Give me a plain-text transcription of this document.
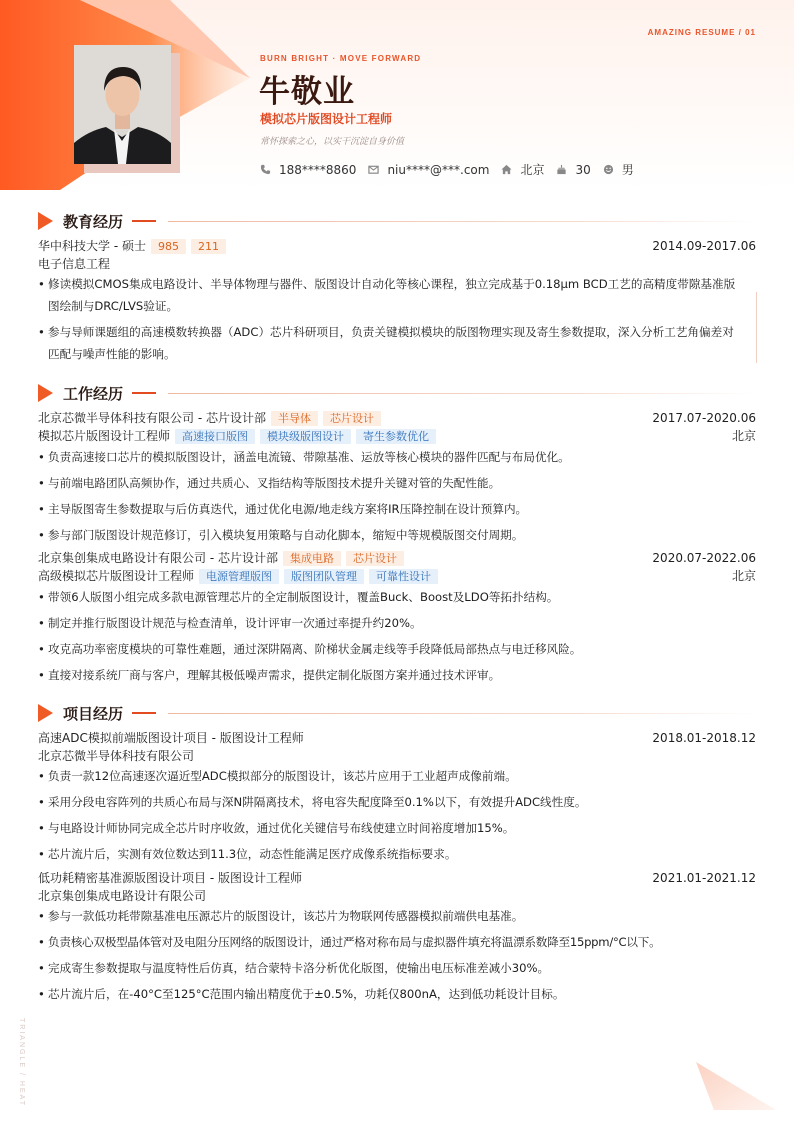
AMAZING RESUME / 01
BURN BRIGHT · MOVE FORWARD
牛敬业
模拟芯片版图设计工程师
常怀探索之心，以实干沉淀自身价值
188****8860	niu****@***.com	北京	30	男
教育经历
华中科技大学 - 硕士	985	211	2014.09-2017.06
电子信息工程
• 修读模拟CMOS集成电路设计、半导体物理与器件、版图设计自动化等核心课程，独立完成基于0.18μm BCD工艺的高精度带隙基准版
图绘制与DRC/LVS验证。
• 参与导师课题组的高速模数转换器（ADC）芯片科研项目，负责关键模拟模块的版图物理实现及寄生参数提取，深入分析工艺角偏差对
匹配与噪声性能的影响。
工作经历
北京芯微半导体科技有限公司 - 芯片设计部	半导体	芯片设计	2017.07-2020.06
模拟芯片版图设计工程师	高速接口版图	模块级版图设计	寄生参数优化	北京
• 负责高速接口芯片的模拟版图设计，涵盖电流镜、带隙基准、运放等核心模块的器件匹配与布局优化。
• 与前端电路团队高频协作，通过共质心、叉指结构等版图技术提升关键对管的失配性能。
• 主导版图寄生参数提取与后仿真迭代，通过优化电源/地走线方案将IR压降控制在设计预算内。
• 参与部门版图设计规范修订，引入模块复用策略与自动化脚本，缩短中等规模版图交付周期。
北京集创集成电路设计有限公司 - 芯片设计部	集成电路	芯片设计	2020.07-2022.06
高级模拟芯片版图设计工程师	电源管理版图	版图团队管理	可靠性设计	北京
• 带领6人版图小组完成多款电源管理芯片的全定制版图设计，覆盖Buck、Boost及LDO等拓扑结构。
• 制定并推行版图设计规范与检查清单，设计评审一次通过率提升约20%。
• 攻克高功率密度模块的可靠性难题，通过深阱隔离、阶梯状金属走线等手段降低局部热点与电迁移风险。
• 直接对接系统厂商与客户，理解其极低噪声需求，提供定制化版图方案并通过技术评审。
项目经历
高速ADC模拟前端版图设计项目 - 版图设计工程师	2018.01-2018.12
北京芯微半导体科技有限公司
• 负责一款12位高速逐次逼近型ADC模拟部分的版图设计，该芯片应用于工业超声成像前端。
• 采用分段电容阵列的共质心布局与深N阱隔离技术，将电容失配度降至0.1%以下，有效提升ADC线性度。
• 与电路设计师协同完成全芯片时序收敛，通过优化关键信号布线使建立时间裕度增加15%。
• 芯片流片后，实测有效位数达到11.3位，动态性能满足医疗成像系统指标要求。
低功耗精密基准源版图设计项目 - 版图设计工程师	2021.01-2021.12
北京集创集成电路设计有限公司
• 参与一款低功耗带隙基准电压源芯片的版图设计，该芯片为物联网传感器模拟前端供电基准。
• 负责核心双极型晶体管对及电阻分压网络的版图设计，通过严格对称布局与虚拟器件填充将温漂系数降至15ppm/°C以下。
• 完成寄生参数提取与温度特性后仿真，结合蒙特卡洛分析优化版图，使输出电压标准差减小30%。
• 芯片流片后，在-40°C至125°C范围内输出精度优于±0.5%，功耗仅800nA，达到低功耗设计目标。
TRIANGLE / HEAT
